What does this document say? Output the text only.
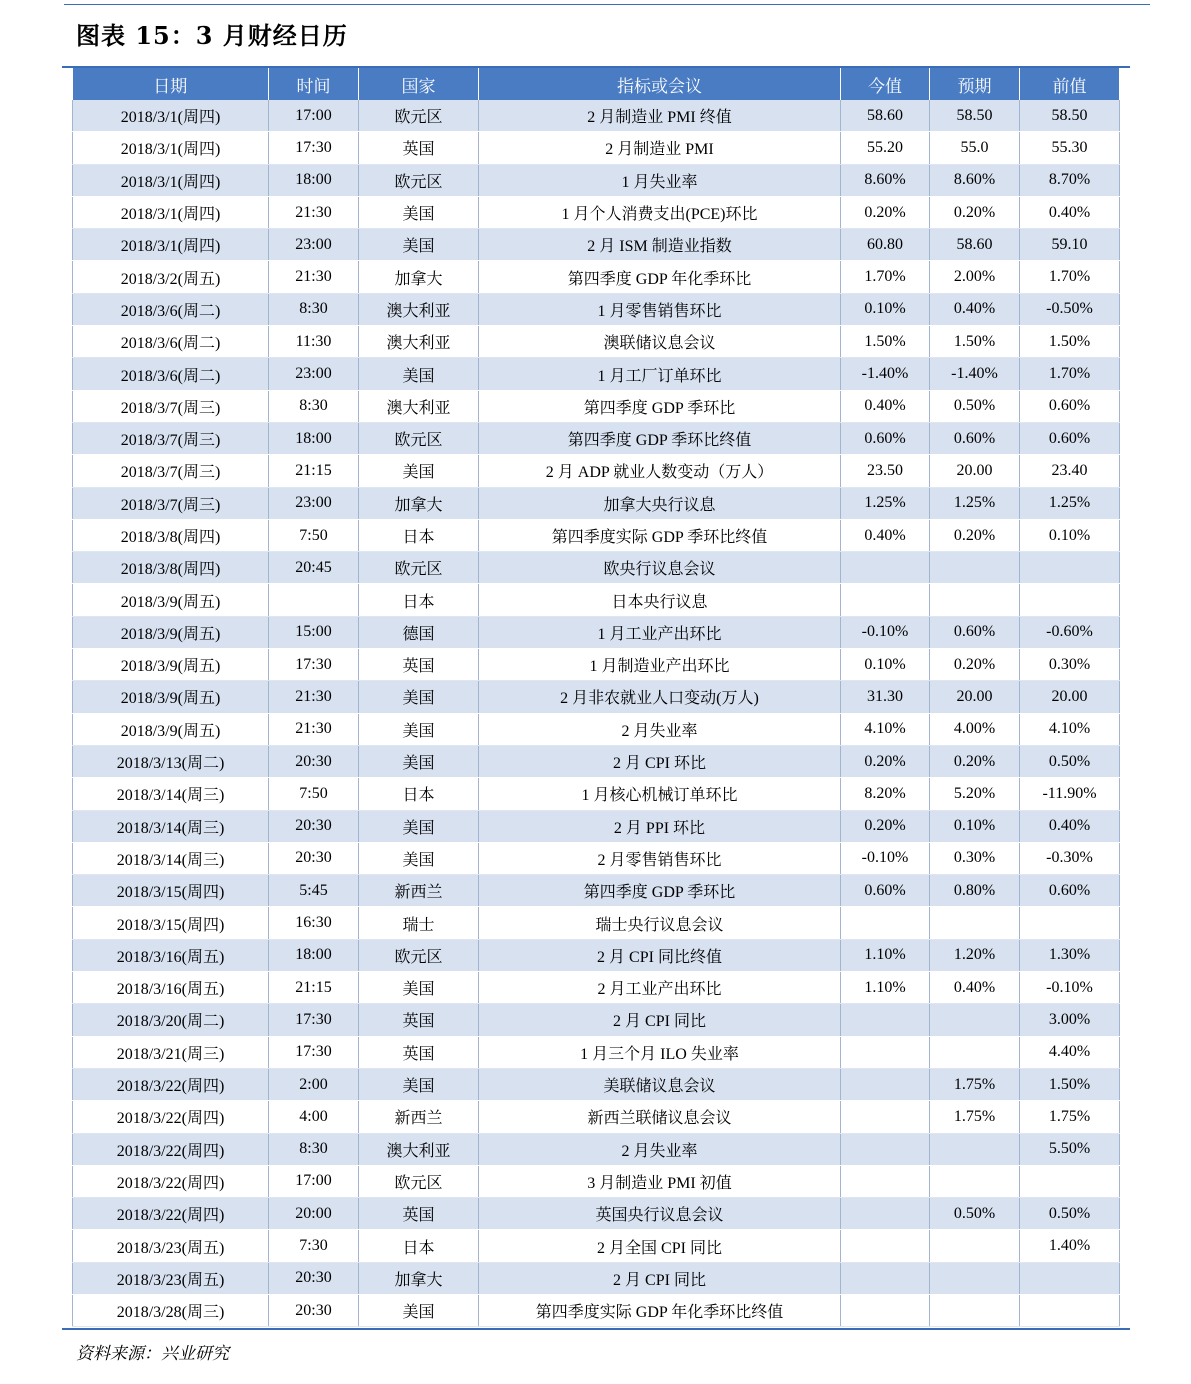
图表 15：3 月财经日历
日期	时间	国家	指标或会议	今值	预期	前值
2018/3/1(周四)	17:00	欧元区	2 月制造业 PMI 终值	58.60	58.50	58.50
2018/3/1(周四)	17:30	英国	2 月制造业 PMI	55.20	55.0	55.30
2018/3/1(周四)	18:00	欧元区	1 月失业率	8.60%	8.60%	8.70%
2018/3/1(周四)	21:30	美国	1 月个人消费支出(PCE)环比	0.20%	0.20%	0.40%
2018/3/1(周四)	23:00	美国	2 月 ISM 制造业指数	60.80	58.60	59.10
2018/3/2(周五)	21:30	加拿大	第四季度 GDP 年化季环比	1.70%	2.00%	1.70%
2018/3/6(周二)	8:30	澳大利亚	1 月零售销售环比	0.10%	0.40%	-0.50%
2018/3/6(周二)	11:30	澳大利亚	澳联储议息会议	1.50%	1.50%	1.50%
2018/3/6(周二)	23:00	美国	1 月工厂订单环比	-1.40%	-1.40%	1.70%
2018/3/7(周三)	8:30	澳大利亚	第四季度 GDP 季环比	0.40%	0.50%	0.60%
2018/3/7(周三)	18:00	欧元区	第四季度 GDP 季环比终值	0.60%	0.60%	0.60%
2018/3/7(周三)	21:15	美国	2 月 ADP 就业人数变动（万人）	23.50	20.00	23.40
2018/3/7(周三)	23:00	加拿大	加拿大央行议息	1.25%	1.25%	1.25%
2018/3/8(周四)	7:50	日本	第四季度实际 GDP 季环比终值	0.40%	0.20%	0.10%
2018/3/8(周四)	20:45	欧元区	欧央行议息会议			
2018/3/9(周五)		日本	日本央行议息			
2018/3/9(周五)	15:00	德国	1 月工业产出环比	-0.10%	0.60%	-0.60%
2018/3/9(周五)	17:30	英国	1 月制造业产出环比	0.10%	0.20%	0.30%
2018/3/9(周五)	21:30	美国	2 月非农就业人口变动(万人)	31.30	20.00	20.00
2018/3/9(周五)	21:30	美国	2 月失业率	4.10%	4.00%	4.10%
2018/3/13(周二)	20:30	美国	2 月 CPI 环比	0.20%	0.20%	0.50%
2018/3/14(周三)	7:50	日本	1 月核心机械订单环比	8.20%	5.20%	-11.90%
2018/3/14(周三)	20:30	美国	2 月 PPI 环比	0.20%	0.10%	0.40%
2018/3/14(周三)	20:30	美国	2 月零售销售环比	-0.10%	0.30%	-0.30%
2018/3/15(周四)	5:45	新西兰	第四季度 GDP 季环比	0.60%	0.80%	0.60%
2018/3/15(周四)	16:30	瑞士	瑞士央行议息会议			
2018/3/16(周五)	18:00	欧元区	2 月 CPI 同比终值	1.10%	1.20%	1.30%
2018/3/16(周五)	21:15	美国	2 月工业产出环比	1.10%	0.40%	-0.10%
2018/3/20(周二)	17:30	英国	2 月 CPI 同比			3.00%
2018/3/21(周三)	17:30	英国	1 月三个月 ILO 失业率			4.40%
2018/3/22(周四)	2:00	美国	美联储议息会议		1.75%	1.50%
2018/3/22(周四)	4:00	新西兰	新西兰联储议息会议		1.75%	1.75%
2018/3/22(周四)	8:30	澳大利亚	2 月失业率			5.50%
2018/3/22(周四)	17:00	欧元区	3 月制造业 PMI 初值			
2018/3/22(周四)	20:00	英国	英国央行议息会议		0.50%	0.50%
2018/3/23(周五)	7:30	日本	2 月全国 CPI 同比			1.40%
2018/3/23(周五)	20:30	加拿大	2 月 CPI 同比			
2018/3/28(周三)	20:30	美国	第四季度实际 GDP 年化季环比终值			
资料来源：兴业研究
